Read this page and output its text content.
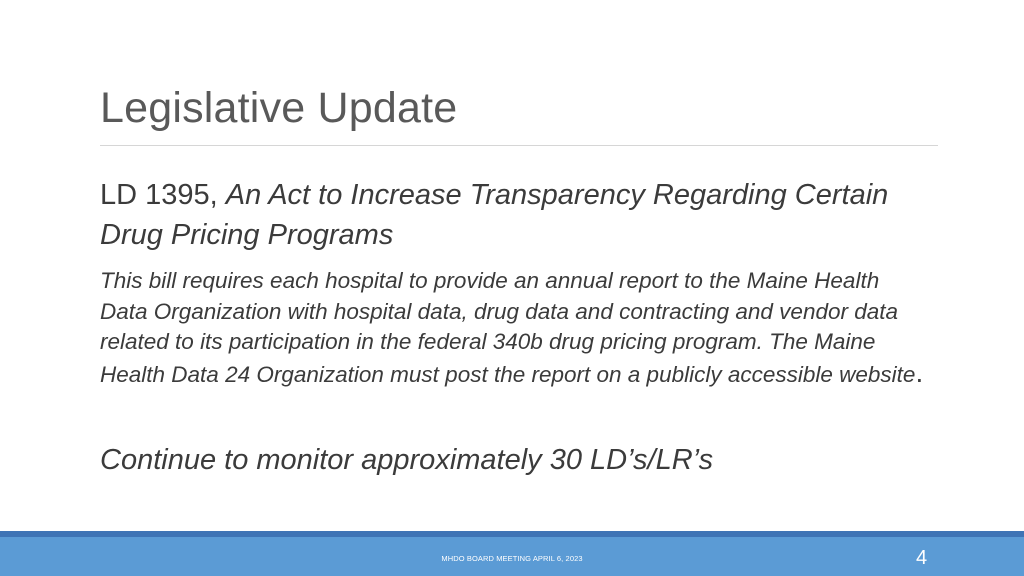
Legislative Update

LD 1395, An Act to Increase Transparency Regarding Certain Drug Pricing Programs

This bill requires each hospital to provide an annual report to the Maine Health Data Organization with hospital data, drug data and contracting and vendor data related to its participation in the federal 340b drug pricing program. The Maine Health Data 24 Organization must post the report on a publicly accessible website.

Continue to monitor approximately 30 LD’s/LR’s

MHDO BOARD MEETING APRIL 6, 2023	4
